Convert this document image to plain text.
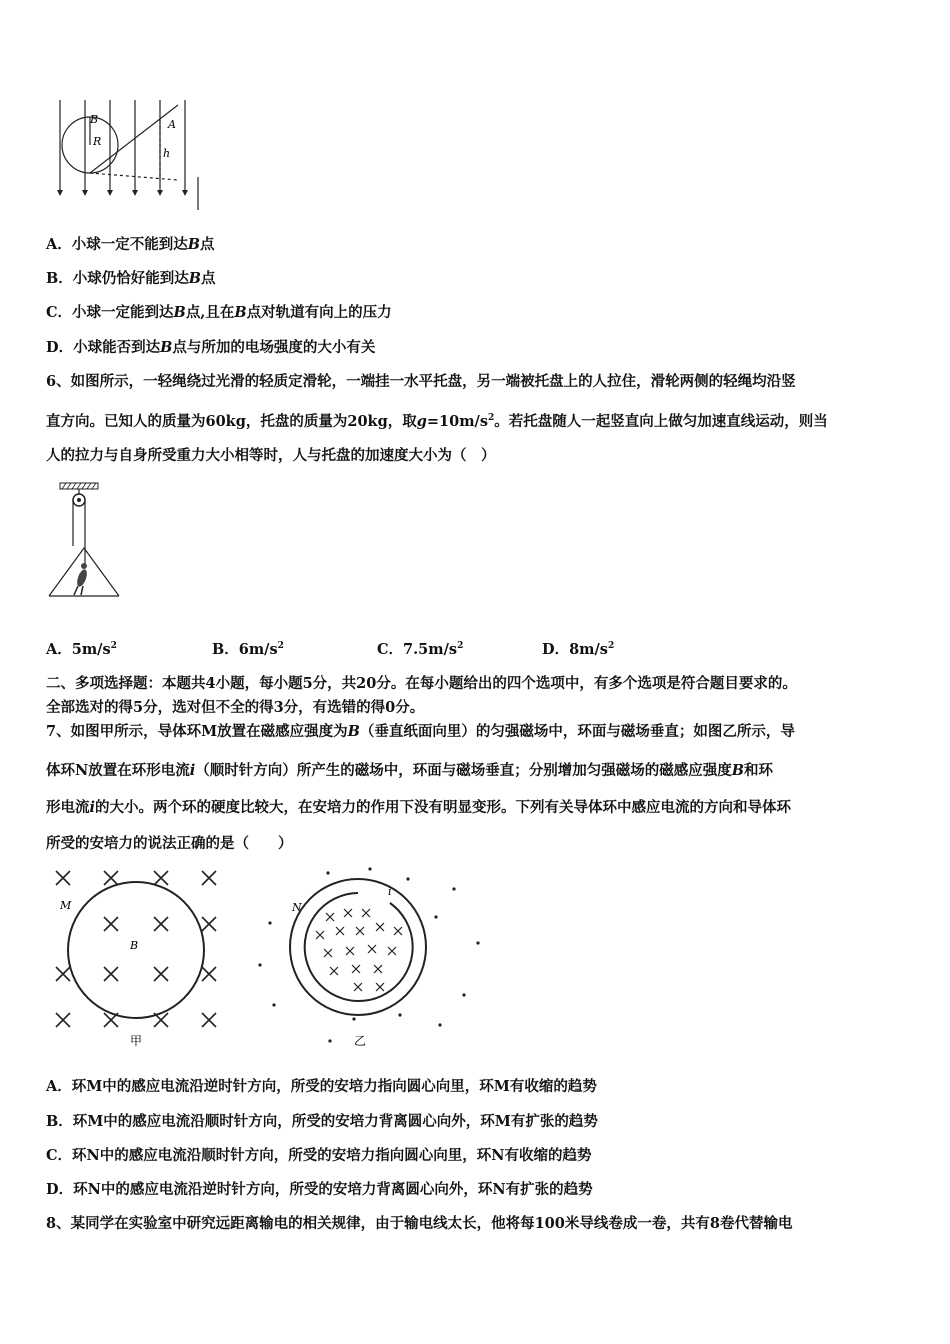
B
R
A
h
A．小球一定不能到达B点
B．小球仍恰好能到达B点
C．小球一定能到达B点,且在B点对轨道有向上的压力
D．小球能否到达B点与所加的电场强度的大小有关
6、如图所示，一轻绳绕过光滑的轻质定滑轮，一端挂一水平托盘，另一端被托盘上的人拉住，滑轮两侧的轻绳均沿竖
直方向。已知人的质量为60kg，托盘的质量为20kg，取$g=10m/s^2$。若托盘随人一起竖直向上做匀加速直线运动，则当
人的拉力与自身所受重力大小相等时，人与托盘的加速度大小为（　）
A．$5m/s^2$	B．$6m/s^2$	C．$7.5m/s^2$	D．$8m/s^2$
二、多项选择题：本题共4小题，每小题5分，共20分。在每小题给出的四个选项中，有多个选项是符合题目要求的。
全部选对的得5分，选对但不全的得3分，有选错的得0分。
7、如图甲所示，导体环M放置在磁感应强度为B（垂直纸面向里）的匀强磁场中，环面与磁场垂直；如图乙所示，导
体环N放置在环形电流i（顺时针方向）所产生的磁场中，环面与磁场垂直；分别增加匀强磁场的磁感应强度B和环
形电流i的大小。两个环的硬度比较大，在安培力的作用下没有明显变形。下列有关导体环中感应电流的方向和导体环
所受的安培力的说法正确的是（　　）
M
B
甲
N
i
乙
A．环M中的感应电流沿逆时针方向，所受的安培力指向圆心向里，环M有收缩的趋势
B．环M中的感应电流沿顺时针方向，所受的安培力背离圆心向外，环M有扩张的趋势
C．环N中的感应电流沿顺时针方向，所受的安培力指向圆心向里，环N有收缩的趋势
D．环N中的感应电流沿逆时针方向，所受的安培力背离圆心向外，环N有扩张的趋势
8、某同学在实验室中研究远距离输电的相关规律，由于输电线太长，他将每100米导线卷成一卷，共有8卷代替输电
